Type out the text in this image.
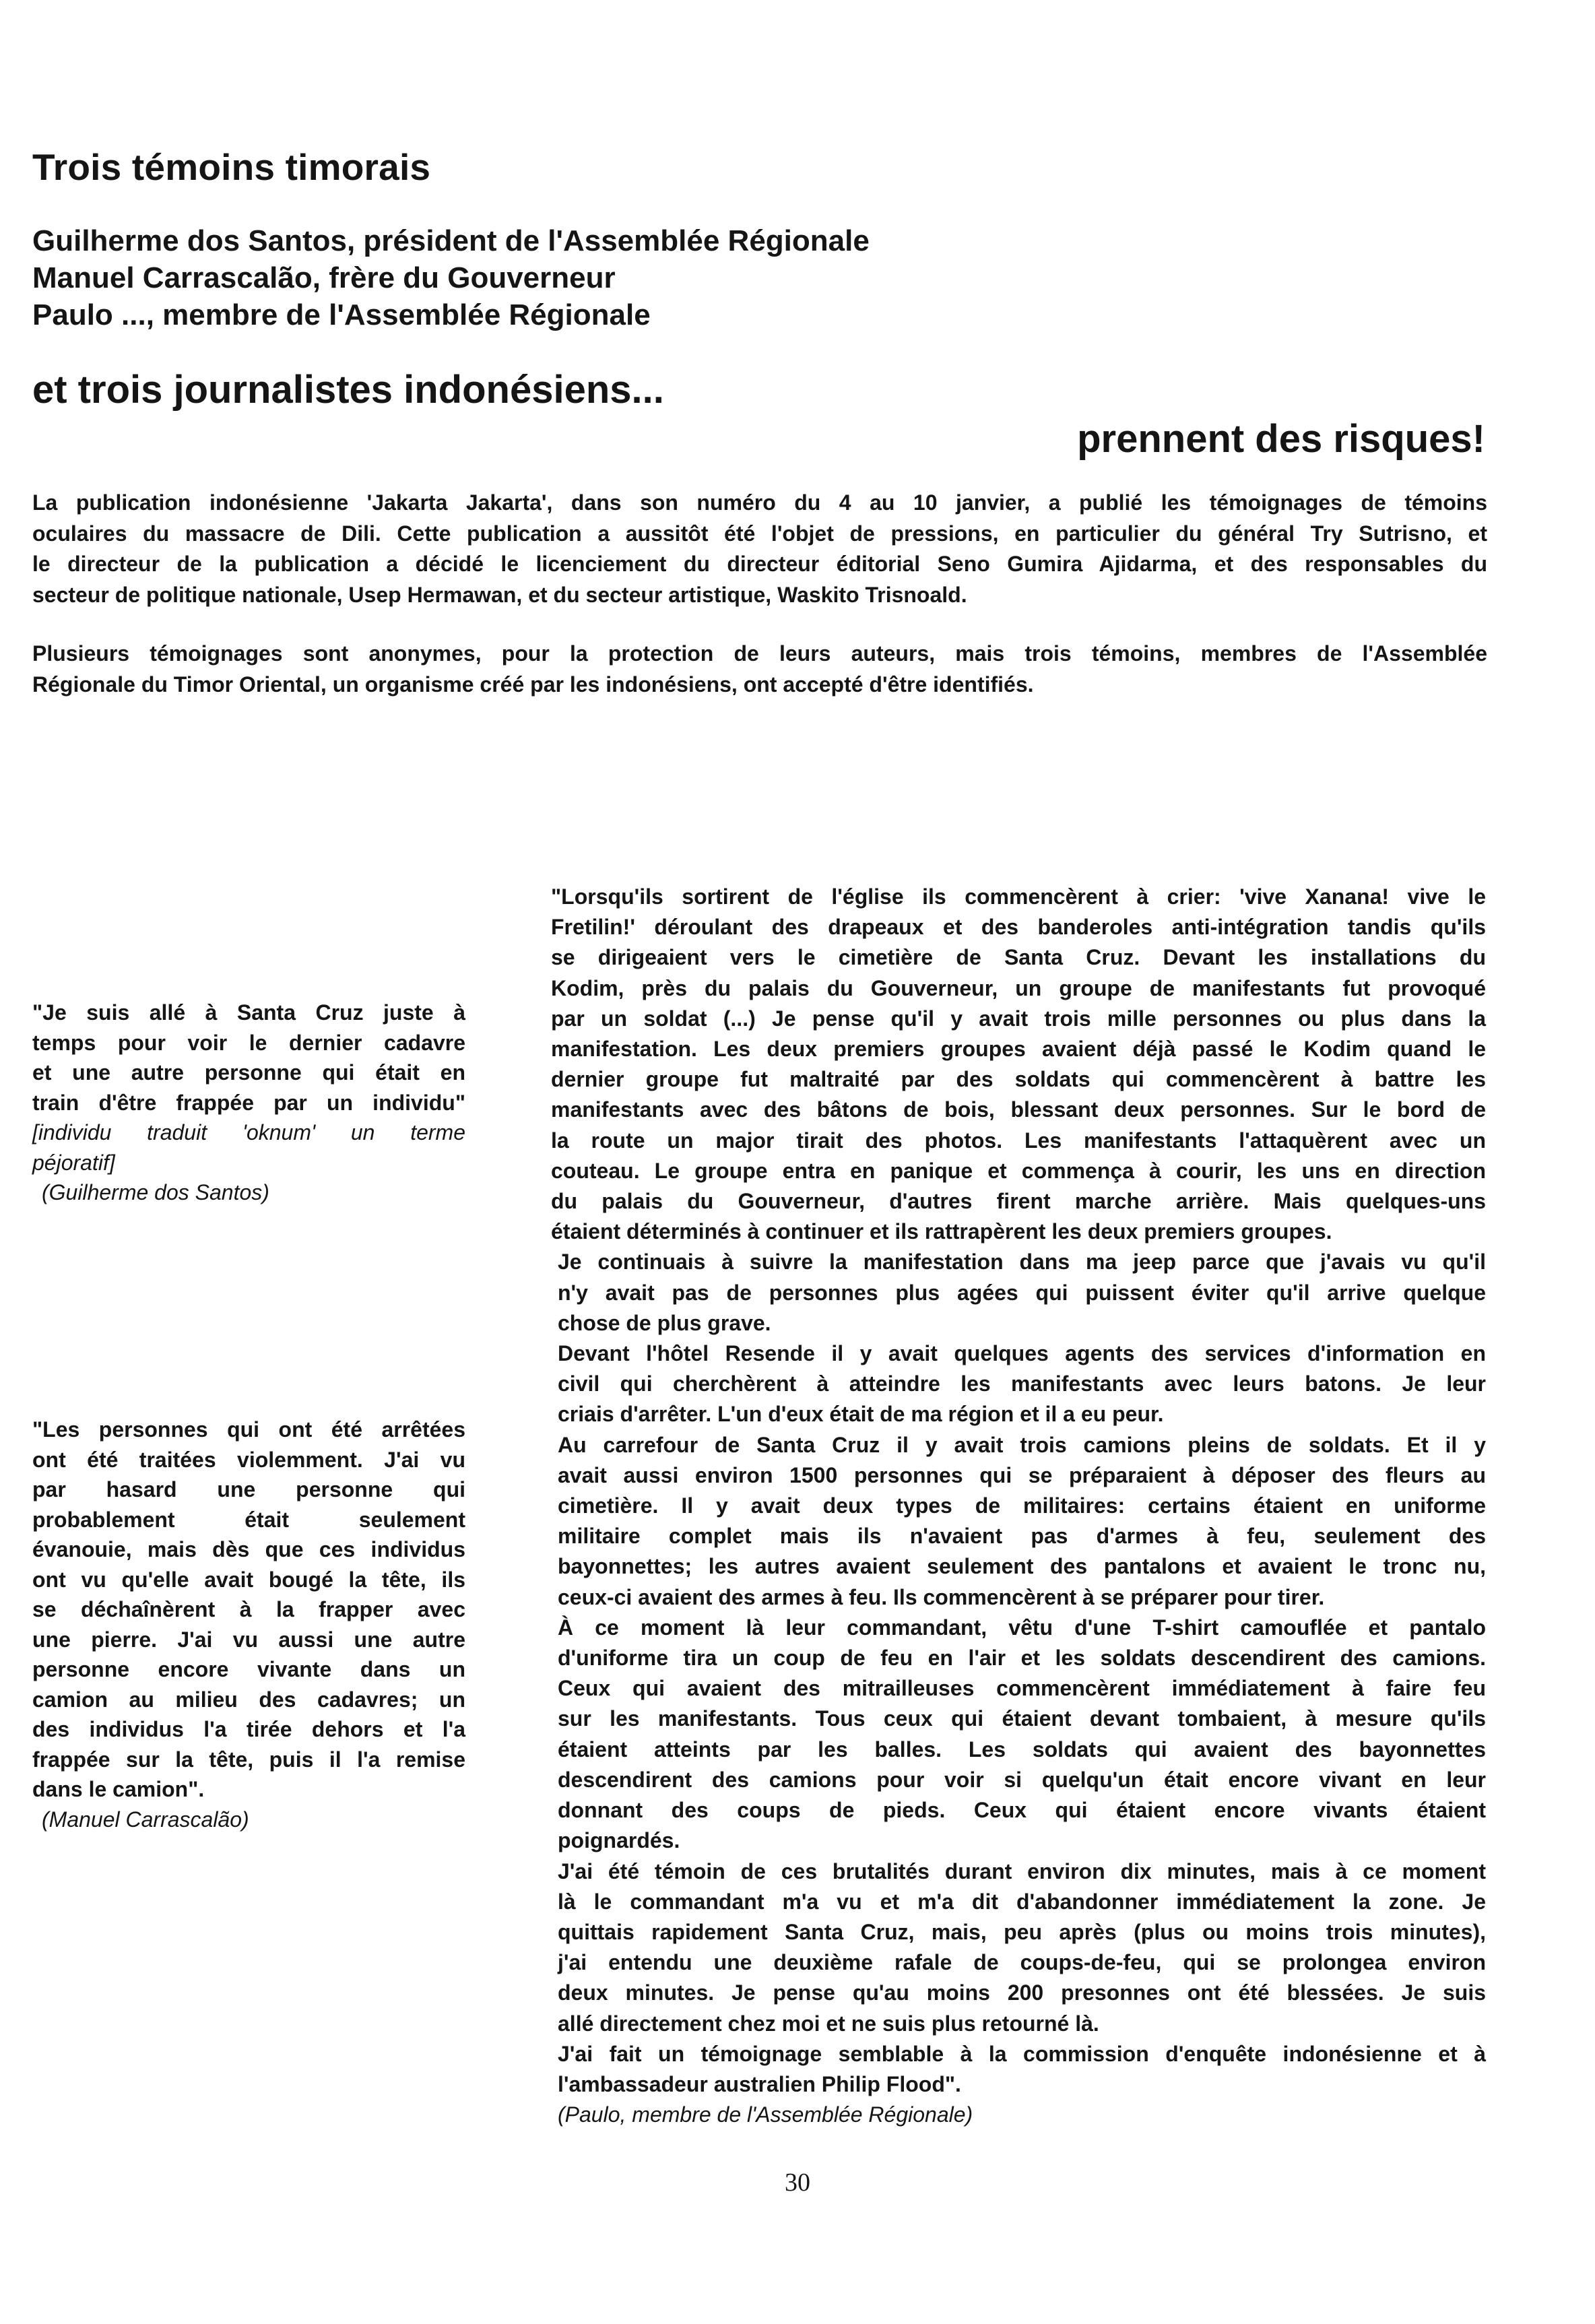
Trois témoins timorais
Guilherme dos Santos, président de l'Assemblée Régionale
Manuel Carrascalão, frère du Gouverneur
Paulo ..., membre de l'Assemblée Régionale
et trois journalistes indonésiens...
prennent des risques!

La publication indonésienne 'Jakarta Jakarta', dans son numéro du 4 au 10 janvier, a publié les témoignages de témoins
oculaires du massacre de Dili. Cette publication a aussitôt été l'objet de pressions, en particulier du général Try Sutrisno, et
le directeur de la publication a décidé le licenciement du directeur éditorial Seno Gumira Ajidarma, et des responsables du
secteur de politique nationale, Usep Hermawan, et du secteur artistique, Waskito Trisnoald.

Plusieurs témoignages sont anonymes, pour la protection de leurs auteurs, mais trois témoins, membres de l'Assemblée
Régionale du Timor Oriental, un organisme créé par les indonésiens, ont accepté d'être identifiés.

"Je suis allé à Santa Cruz juste à
temps pour voir le dernier cadavre
et une autre personne qui était en
train d'être frappée par un individu"

[individu traduit 'oknum' un terme
péjoratif]

(Guilherme dos Santos)

"Les personnes qui ont été arrêtées
ont été traitées violemment. J'ai vu
par hasard une personne qui
probablement était seulement
évanouie, mais dès que ces individus
ont vu qu'elle avait bougé la tête, ils
se déchaînèrent à la frapper avec
une pierre. J'ai vu aussi une autre
personne encore vivante dans un
camion au milieu des cadavres; un
des individus l'a tirée dehors et l'a
frappée sur la tête, puis il l'a remise
dans le camion".

(Manuel Carrascalão)

"Lorsqu'ils sortirent de l'église ils commencèrent à crier: 'vive Xanana! vive le
Fretilin!' déroulant des drapeaux et des banderoles anti-intégration tandis qu'ils
se dirigeaient vers le cimetière de Santa Cruz. Devant les installations du
Kodim, près du palais du Gouverneur, un groupe de manifestants fut provoqué
par un soldat (...) Je pense qu'il y avait trois mille personnes ou plus dans la
manifestation. Les deux premiers groupes avaient déjà passé le Kodim quand le
dernier groupe fut maltraité par des soldats qui commencèrent à battre les
manifestants avec des bâtons de bois, blessant deux personnes. Sur le bord de
la route un major tirait des photos. Les manifestants l'attaquèrent avec un
couteau. Le groupe entra en panique et commença à courir, les uns en direction
du palais du Gouverneur, d'autres firent marche arrière. Mais quelques-uns
étaient déterminés à continuer et ils rattrapèrent les deux premiers groupes.

Je continuais à suivre la manifestation dans ma jeep parce que j'avais vu qu'il
n'y avait pas de personnes plus agées qui puissent éviter qu'il arrive quelque
chose de plus grave.

Devant l'hôtel Resende il y avait quelques agents des services d'information en
civil qui cherchèrent à atteindre les manifestants avec leurs batons. Je leur
criais d'arrêter. L'un d'eux était de ma région et il a eu peur.

Au carrefour de Santa Cruz il y avait trois camions pleins de soldats. Et il y
avait aussi environ 1500 personnes qui se préparaient à déposer des fleurs au
cimetière. Il y avait deux types de militaires: certains étaient en uniforme
militaire complet mais ils n'avaient pas d'armes à feu, seulement des
bayonnettes; les autres avaient seulement des pantalons et avaient le tronc nu,
ceux-ci avaient des armes à feu. Ils commencèrent à se préparer pour tirer.

À ce moment là leur commandant, vêtu d'une T-shirt camouflée et pantalo
d'uniforme tira un coup de feu en l'air et les soldats descendirent des camions.
Ceux qui avaient des mitrailleuses commencèrent immédiatement à faire feu
sur les manifestants. Tous ceux qui étaient devant tombaient, à mesure qu'ils
étaient atteints par les balles. Les soldats qui avaient des bayonnettes
descendirent des camions pour voir si quelqu'un était encore vivant en leur
donnant des coups de pieds. Ceux qui étaient encore vivants étaient
poignardés.

J'ai été témoin de ces brutalités durant environ dix minutes, mais à ce moment
là le commandant m'a vu et m'a dit d'abandonner immédiatement la zone. Je
quittais rapidement Santa Cruz, mais, peu après (plus ou moins trois minutes),
j'ai entendu une deuxième rafale de coups-de-feu, qui se prolongea environ
deux minutes. Je pense qu'au moins 200 presonnes ont été blessées. Je suis
allé directement chez moi et ne suis plus retourné là.

J'ai fait un témoignage semblable à la commission d'enquête indonésienne et à
l'ambassadeur australien Philip Flood".

(Paulo, membre de l'Assemblée Régionale)

30
